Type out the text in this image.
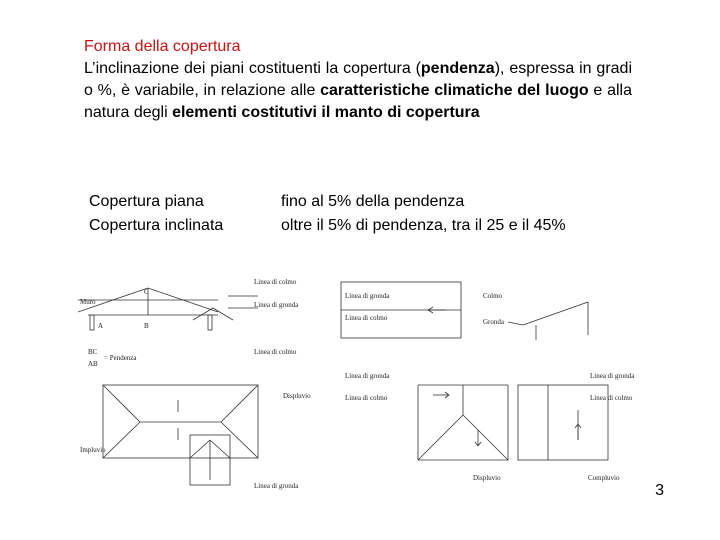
Forma della copertura
L’inclinazione dei piani costituenti la copertura (pendenza), espressa in gradi o %, è variabile, in relazione alle caratteristiche climatiche del luogo e alla natura degli elementi costitutivi il manto di copertura
Copertura piana	fino al 5% della pendenza
Copertura inclinata	oltre il 5% di pendenza, tra il 25 e il 45%
Muro
A	B
C
Linea di colmo
Linea di gronda
BC
AB
= Pendenza
Linea di colmo
Displuvio
Impluvio
Linea di gronda
Linea di gronda
Linea di colmo
Colmo
Gronda
Linea di gronda
Linea di colmo
Linea di gronda
Linea di colmo
Displuvio	Compluvio
3
